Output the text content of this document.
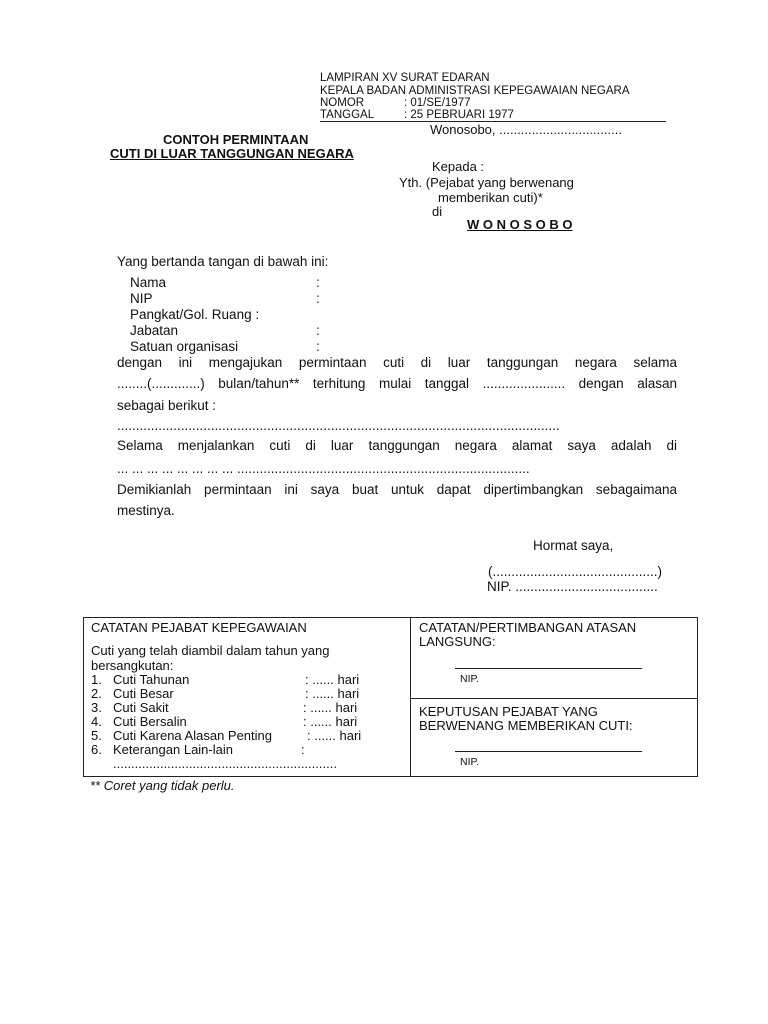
LAMPIRAN XV SURAT EDARAN
KEPALA BADAN ADMINISTRASI KEPEGAWAIAN NEGARA
NOMOR	: 01/SE/1977
TANGGAL	: 25 PEBRUARI 1977
Wonosobo, ..................................
CONTOH PERMINTAAN
CUTI DI LUAR TANGGUNGAN NEGARA
Kepada :
Yth. (Pejabat yang berwenang
memberikan cuti)*
di
W O N O S O B O
Yang bertanda tangan di bawah ini:
Nama	:
NIP	:
Pangkat/Gol. Ruang :
Jabatan	:
Satuan organisasi	:
dengan ini mengajukan permintaan cuti di luar tanggungan negara selama
........(.............) bulan/tahun** terhitung mulai tanggal ...................... dengan alasan
sebagai berikut :
......................................................................................................................
Selama menjalankan cuti di luar tanggungan negara alamat saya adalah di
... ... ... ... ... ... ... ... ..............................................................................
Demikianlah permintaan ini saya buat untuk dapat dipertimbangkan sebagaimana
mestinya.
Hormat saya,
(............................................)
NIP. ......................................
CATATAN PEJABAT KEPEGAWAIAN
Cuti yang telah diambil dalam tahun yang
bersangkutan:
1. Cuti Tahunan	: ...... hari
2. Cuti Besar	: ...... hari
3. Cuti Sakit	: ...... hari
4. Cuti Bersalin	: ...... hari
5. Cuti Karena Alasan Penting	: ...... hari
6. Keterangan Lain-lain	:
..............................................................
CATATAN/PERTIMBANGAN ATASAN
LANGSUNG:
NIP.
KEPUTUSAN PEJABAT YANG
BERWENANG MEMBERIKAN CUTI:
NIP.
** Coret yang tidak perlu.
